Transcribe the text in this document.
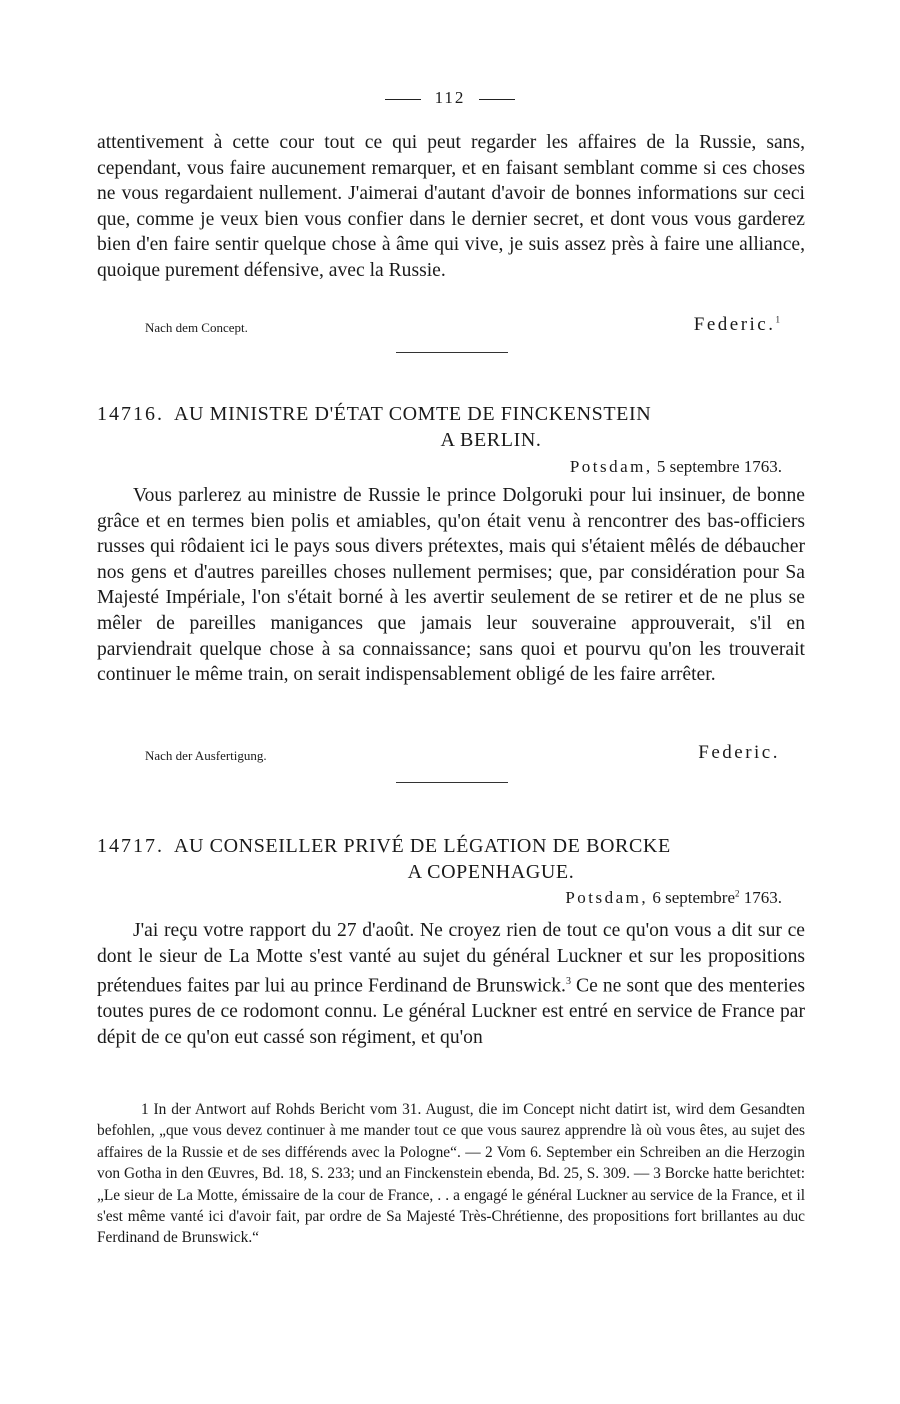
112

attentivement à cette cour tout ce qui peut regarder les affaires de la Russie, sans, cependant, vous faire aucunement remarquer, et en faisant semblant comme si ces choses ne vous regardaient nullement. J'aimerai d'autant d'avoir de bonnes informations sur ceci que, comme je veux bien vous confier dans le dernier secret, et dont vous vous garderez bien d'en faire sentir quelque chose à âme qui vive, je suis assez près à faire une alliance, quoique purement défensive, avec la Russie.

Nach dem Concept.	Federic.$^1$
14716. AU MINISTRE D'ÉTAT COMTE DE FINCKENSTEIN
A BERLIN.
Potsdam, 5 septembre 1763.

Vous parlerez au ministre de Russie le prince Dolgoruki pour lui insinuer, de bonne grâce et en termes bien polis et amiables, qu'on était venu à rencontrer des bas-officiers russes qui rôdaient ici le pays sous divers prétextes, mais qui s'étaient mêlés de débaucher nos gens et d'autres pareilles choses nullement permises; que, par considération pour Sa Majesté Impériale, l'on s'était borné à les avertir seulement de se retirer et de ne plus se mêler de pareilles manigances que jamais leur souveraine approuverait, s'il en parviendrait quelque chose à sa connaissance; sans quoi et pourvu qu'on les trouverait continuer le même train, on serait indispensablement obligé de les faire arrêter.

Nach der Ausfertigung.	Federic.
14717. AU CONSEILLER PRIVÉ DE LÉGATION DE BORCKE
A COPENHAGUE.
Potsdam, 6 septembre$^2$ 1763.

J'ai reçu votre rapport du 27 d'août. Ne croyez rien de tout ce qu'on vous a dit sur ce dont le sieur de La Motte s'est vanté au sujet du général Luckner et sur les propositions prétendues faites par lui au prince Ferdinand de Brunswick.$^3$ Ce ne sont que des menteries toutes pures de ce rodomont connu. Le général Luckner est entré en service de France par dépit de ce qu'on eut cassé son régiment, et qu'on

1 In der Antwort auf Rohds Bericht vom 31. August, die im Concept nicht datirt ist, wird dem Gesandten befohlen, „que vous devez continuer à me mander tout ce que vous saurez apprendre là où vous êtes, au sujet des affaires de la Russie et de ses différends avec la Pologne“. — 2 Vom 6. September ein Schreiben an die Herzogin von Gotha in den Œuvres, Bd. 18, S. 233; und an Finckenstein ebenda, Bd. 25, S. 309. — 3 Borcke hatte berichtet: „Le sieur de La Motte, émissaire de la cour de France, . . a engagé le général Luckner au service de la France, et il s'est même vanté ici d'avoir fait, par ordre de Sa Majesté Très-Chrétienne, des propositions fort brillantes au duc Ferdinand de Brunswick.“
